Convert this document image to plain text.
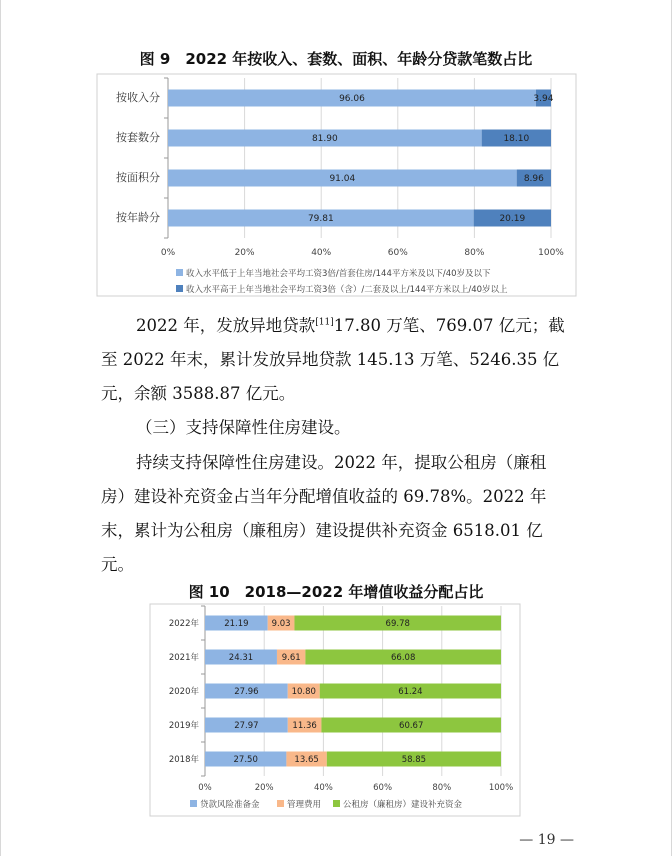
图 9　2022 年按收入、套数、面积、年龄分贷款笔数占比
0%	20%	40%	60%	80%	100%
按收入分	96.06	3.94
按套数分	81.90	18.10
按面积分	91.04	8.96
按年龄分	79.81	20.19
收入水平低于上年当地社会平均工资3倍/首套住房/144平方米及以下/40岁及以下
收入水平高于上年当地社会平均工资3倍（含）/二套及以上/144平方米以上/40岁以上
2022 年，发放异地贷款[11]17.80 万笔、769.07 亿元；截
至 2022 年末，累计发放异地贷款 145.13 万笔、5246.35 亿
元，余额 3588.87 亿元。
（三）支持保障性住房建设。
持续支持保障性住房建设。2022 年，提取公租房（廉租
房）建设补充资金占当年分配增值收益的 69.78%。2022 年
末，累计为公租房（廉租房）建设提供补充资金 6518.01 亿
元。
图 10　2018—2022 年增值收益分配占比
0%	20%	40%	60%	80%	100%
2022年	21.19	9.03	69.78
2021年	24.31	9.61	66.08
2020年	27.96	10.80	61.24
2019年	27.97	11.36	60.67
2018年	27.50	13.65	58.85
贷款风险准备金	管理费用	公租房（廉租房）建设补充资金
— 19 —
